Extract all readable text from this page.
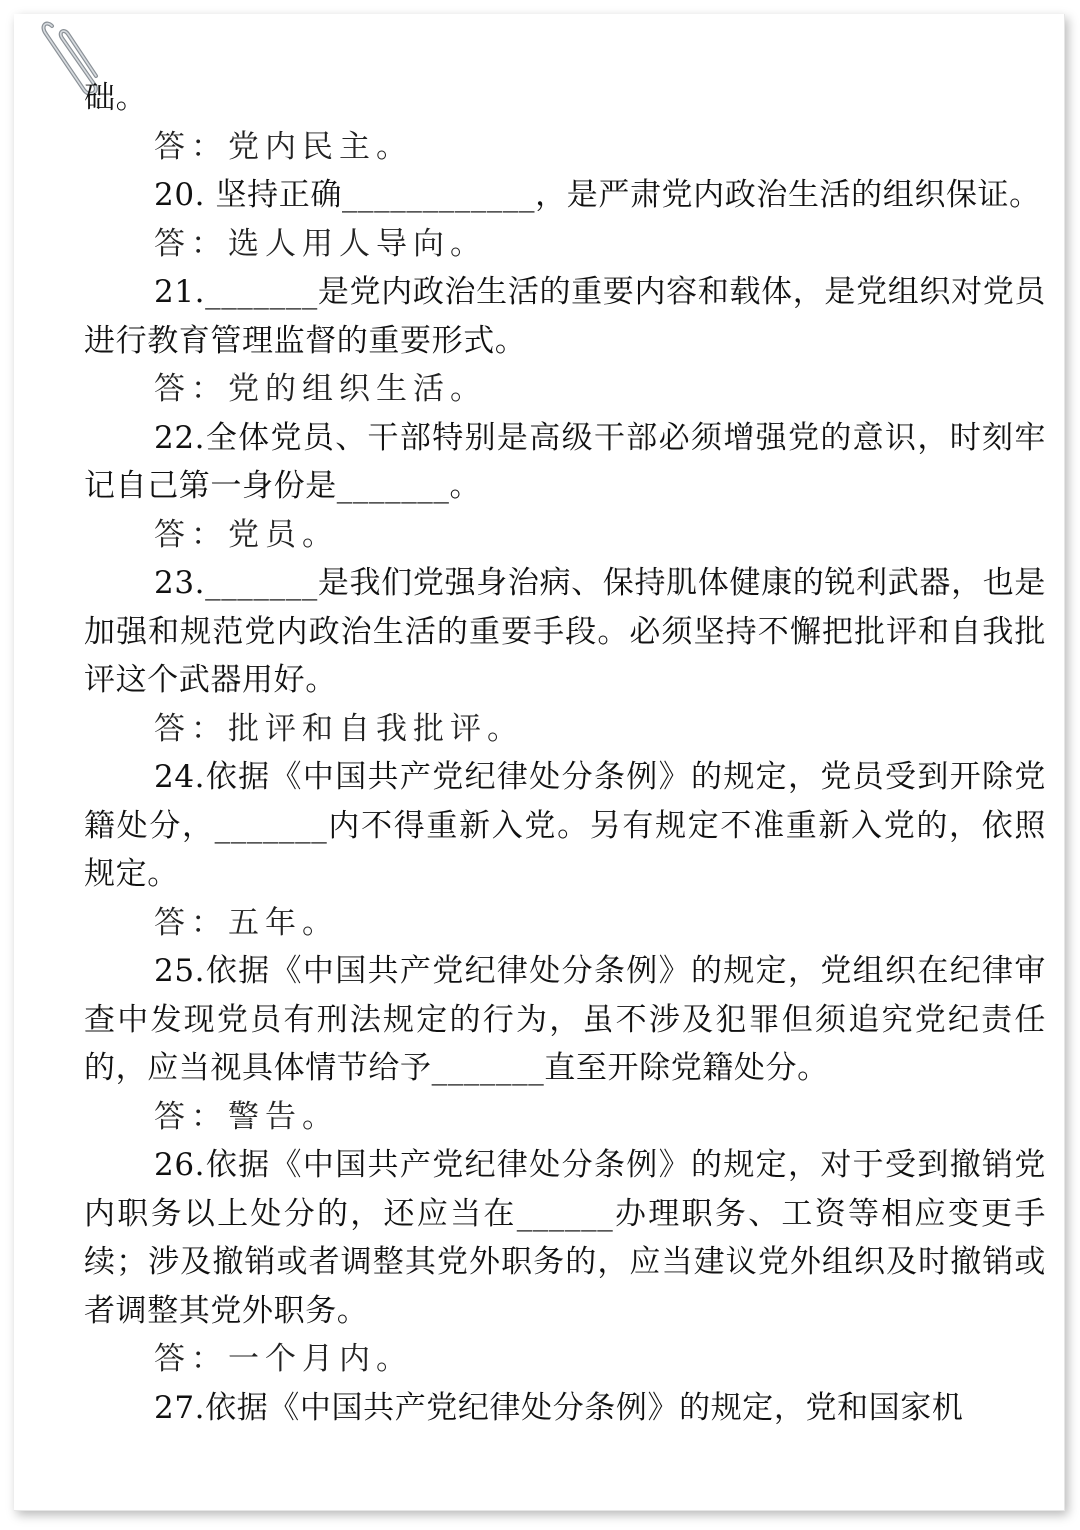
础。

答：党内民主。

20. 坚持正确____________，是严肃党内政治生活的组织保证。

答：选人用人导向。

21._______是党内政治生活的重要内容和载体，是党组织对党员进行教育管理监督的重要形式。

答：党的组织生活。

22.全体党员、干部特别是高级干部必须增强党的意识，时刻牢记自己第一身份是_______。

答：党员。

23._______是我们党强身治病、保持肌体健康的锐利武器，也是加强和规范党内政治生活的重要手段。必须坚持不懈把批评和自我批评这个武器用好。

答：批评和自我批评。

24.依据《中国共产党纪律处分条例》的规定，党员受到开除党籍处分，_______内不得重新入党。另有规定不准重新入党的，依照规定。

答：五年。

25.依据《中国共产党纪律处分条例》的规定，党组织在纪律审查中发现党员有刑法规定的行为，虽不涉及犯罪但须追究党纪责任的，应当视具体情节给予_______直至开除党籍处分。

答：警告。

26.依据《中国共产党纪律处分条例》的规定，对于受到撤销党内职务以上处分的，还应当在______办理职务、工资等相应变更手续；涉及撤销或者调整其党外职务的，应当建议党外组织及时撤销或者调整其党外职务。

答：一个月内。

27.依据《中国共产党纪律处分条例》的规定，党和国家机
